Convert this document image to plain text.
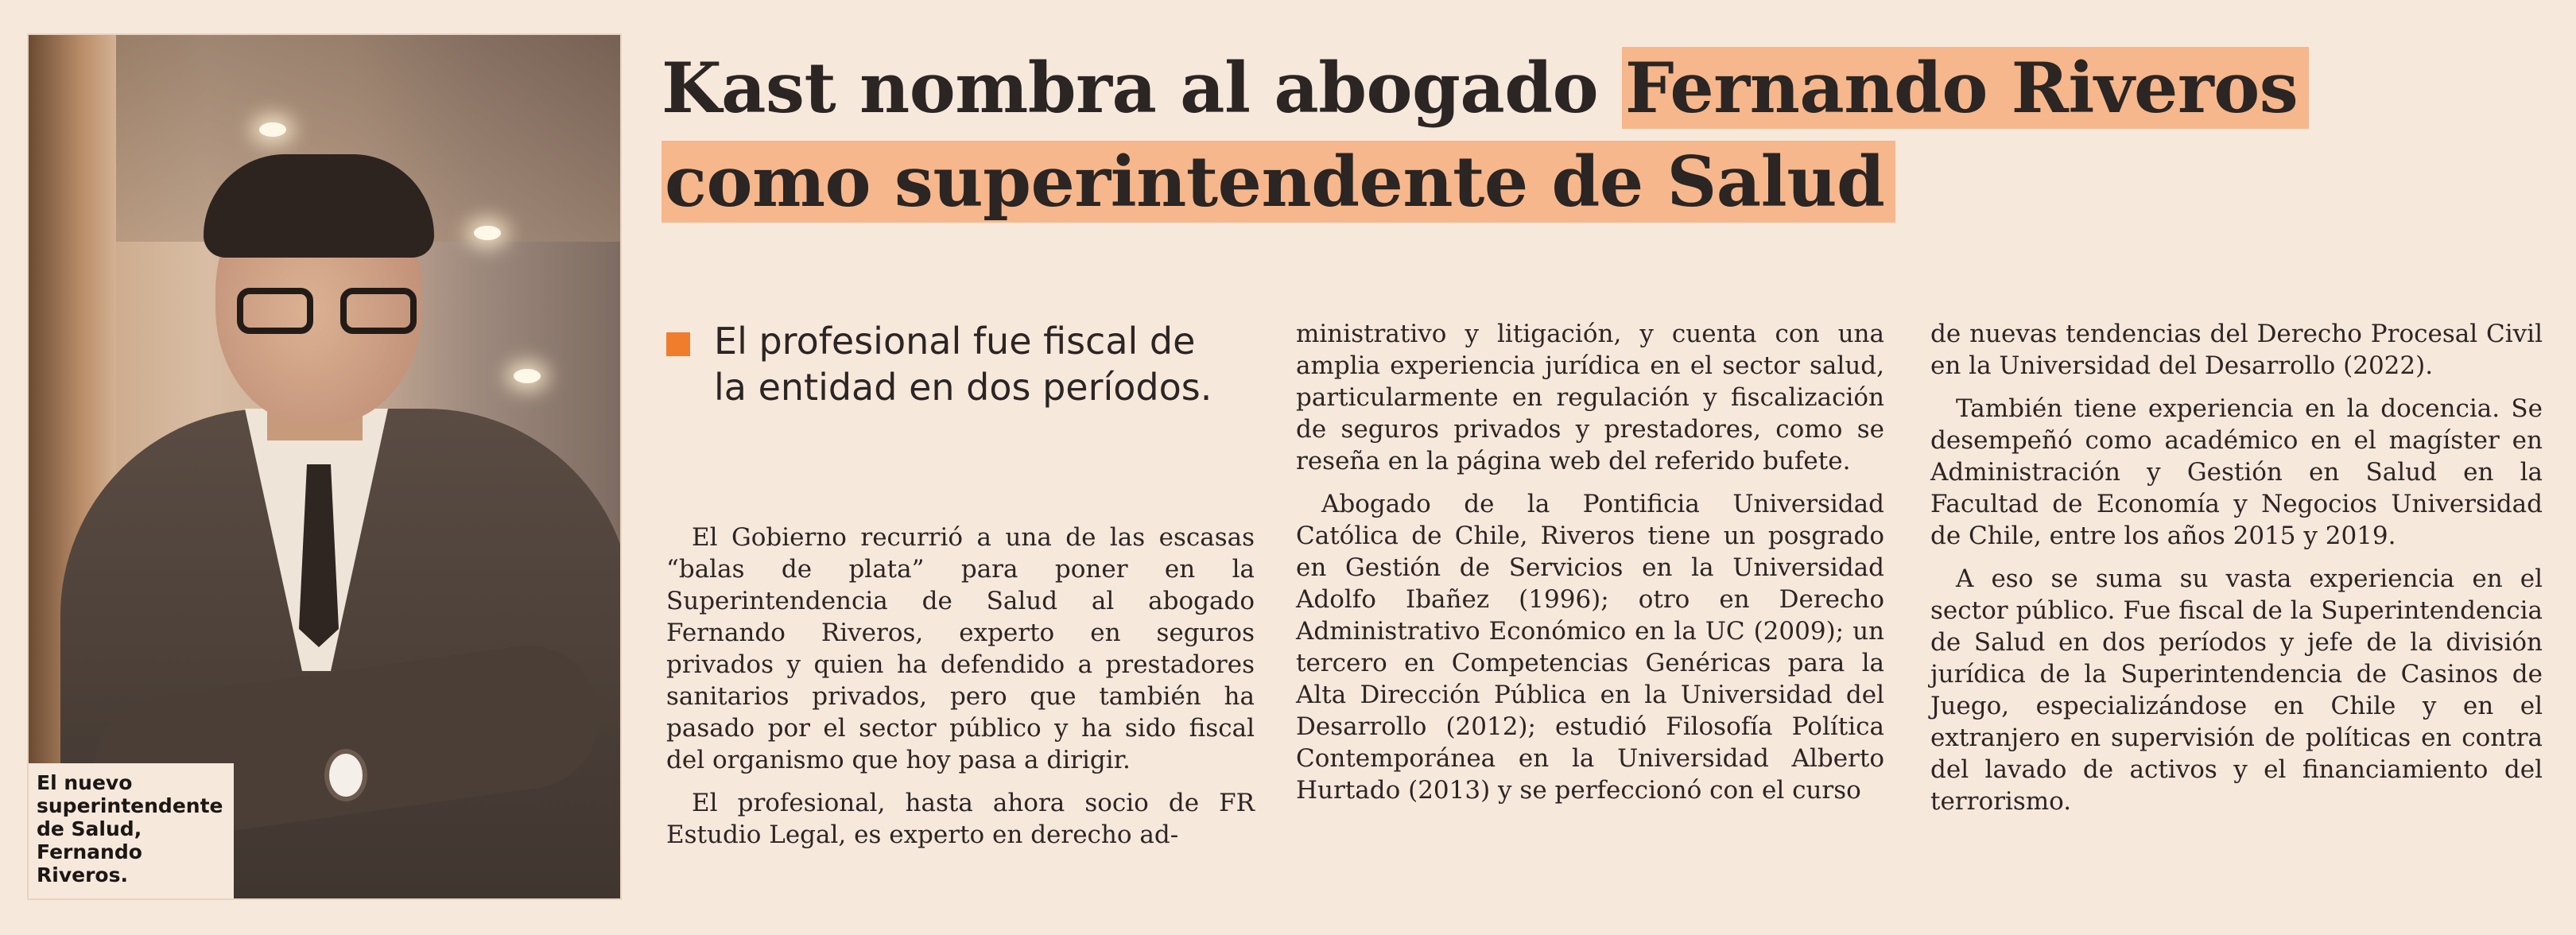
El nuevo superintendente de Salud, Fernando Riveros.
Kast nombra al abogado Fernando Riveros
como superintendente de Salud
El profesional fue fiscal de la entidad en dos períodos.

El Gobierno recurrió a una de las escasas “balas de plata” para poner en la Superintendencia de Salud al abogado Fernando Riveros, experto en seguros privados y quien ha defendido a prestadores sanitarios privados, pero que también ha pasado por el sector público y ha sido fiscal del organismo que hoy pasa a dirigir.

El profesional, hasta ahora socio de FR Estudio Legal, es experto en derecho ad-

ministrativo y litigación, y cuenta con una amplia experiencia jurídica en el sector salud, particularmente en regulación y fiscalización de seguros privados y prestadores, como se reseña en la página web del referido bufete.

Abogado de la Pontificia Universidad Católica de Chile, Riveros tiene un posgrado en Gestión de Servicios en la Universidad Adolfo Ibañez (1996); otro en Derecho Administrativo Económico en la UC (2009); un tercero en Competencias Genéricas para la Alta Dirección Pública en la Universidad del Desarrollo (2012); estudió Filosofía Política Contemporánea en la Universidad Alberto Hurtado (2013) y se perfeccionó con el curso

de nuevas tendencias del Derecho Procesal Civil en la Universidad del Desarrollo (2022).

También tiene experiencia en la docencia. Se desempeñó como académico en el magíster en Administración y Gestión en Salud en la Facultad de Economía y Negocios Universidad de Chile, entre los años 2015 y 2019.

A eso se suma su vasta experiencia en el sector público. Fue fiscal de la Superintendencia de Salud en dos períodos y jefe de la división jurídica de la Superintendencia de Casinos de Juego, especializándose en Chile y en el extranjero en supervisión de políticas en contra del lavado de activos y el financiamiento del terrorismo.
